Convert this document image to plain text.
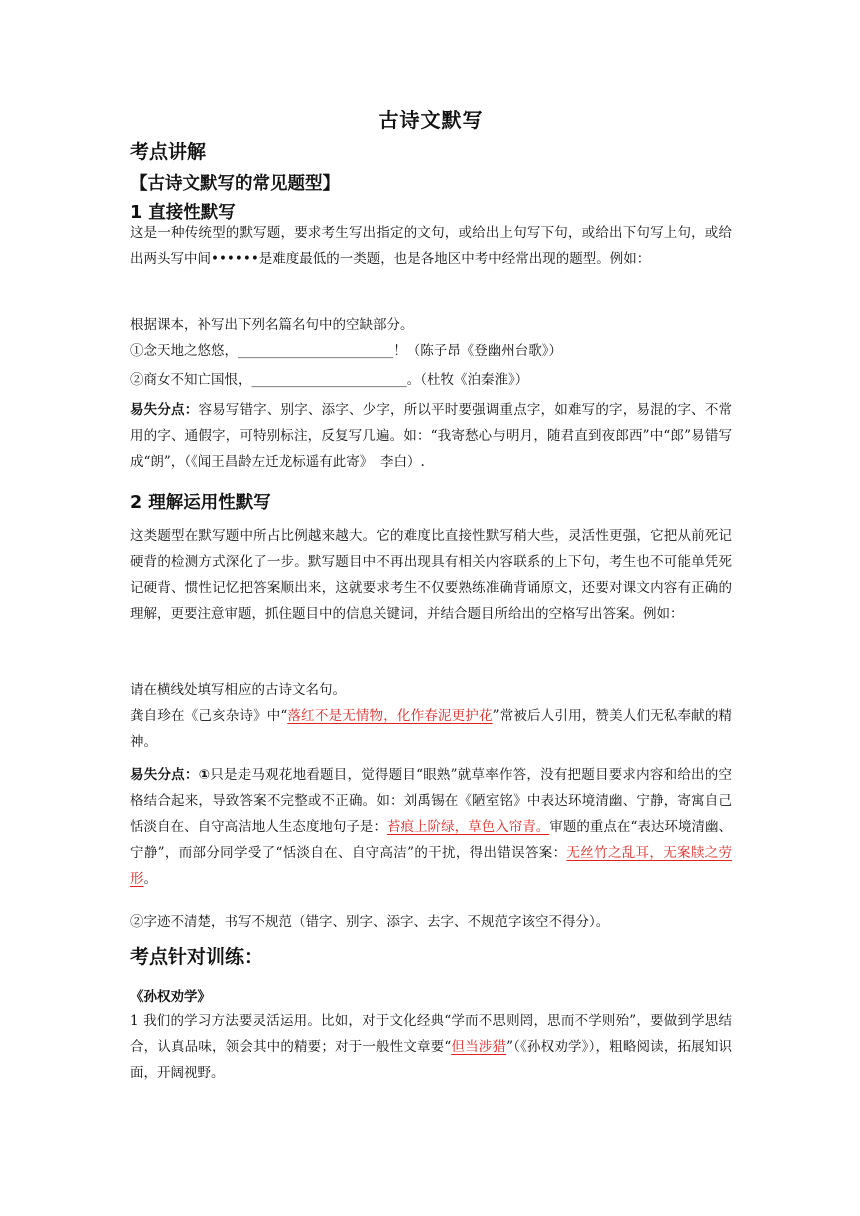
古诗文默写
考点讲解
【古诗文默写的常见题型】
1 直接性默写
这是一种传统型的默写题，要求考生写出指定的文句，或给出上句写下句，或给出下句写上句，或给出两头写中间••••••是难度最低的一类题，也是各地区中考中经常出现的题型。例如：
根据课本，补写出下列名篇名句中的空缺部分。
①念天地之悠悠，_______________________！（陈子昂《登幽州台歌》）
②商女不知亡国恨，_______________________。（杜牧《泊秦淮》）
易失分点：容易写错字、别字、添字、少字，所以平时要强调重点字，如难写的字，易混的字、不常用的字、通假字，可特别标注，反复写几遍。如：“我寄愁心与明月，随君直到夜郎西”中“郎”易错写成“朗”，（《闻王昌龄左迁龙标遥有此寄》　李白）.
2 理解运用性默写
这类题型在默写题中所占比例越来越大。它的难度比直接性默写稍大些，灵活性更强，它把从前死记硬背的检测方式深化了一步。默写题目中不再出现具有相关内容联系的上下句，考生也不可能单凭死记硬背、惯性记忆把答案顺出来，这就要求考生不仅要熟练准确背诵原文，还要对课文内容有正确的理解，更要注意审题，抓住题目中的信息关键词，并结合题目所给出的空格写出答案。例如：
请在横线处填写相应的古诗文名句。
龚自珍在《己亥杂诗》中“落红不是无情物，化作春泥更护花”常被后人引用，赞美人们无私奉献的精神。
易失分点：①只是走马观花地看题目，觉得题目“眼熟”就草率作答，没有把题目要求内容和给出的空格结合起来，导致答案不完整或不正确。如：刘禹锡在《陋室铭》中表达环境清幽、宁静，寄寓自己恬淡自在、自守高洁地人生态度地句子是：苔痕上阶绿，草色入帘青。审题的重点在“表达环境清幽、宁静”，而部分同学受了“恬淡自在、自守高洁”的干扰，得出错误答案：无丝竹之乱耳，无案牍之劳形。
②字迹不清楚，书写不规范（错字、别字、添字、去字、不规范字该空不得分）。
考点针对训练：
《孙权劝学》
1 我们的学习方法要灵活运用。比如，对于文化经典“学而不思则罔，思而不学则殆”，要做到学思结合，认真品味，领会其中的精要；对于一般性文章要“但当涉猎”（《孙权劝学》），粗略阅读，拓展知识面，开阔视野。
